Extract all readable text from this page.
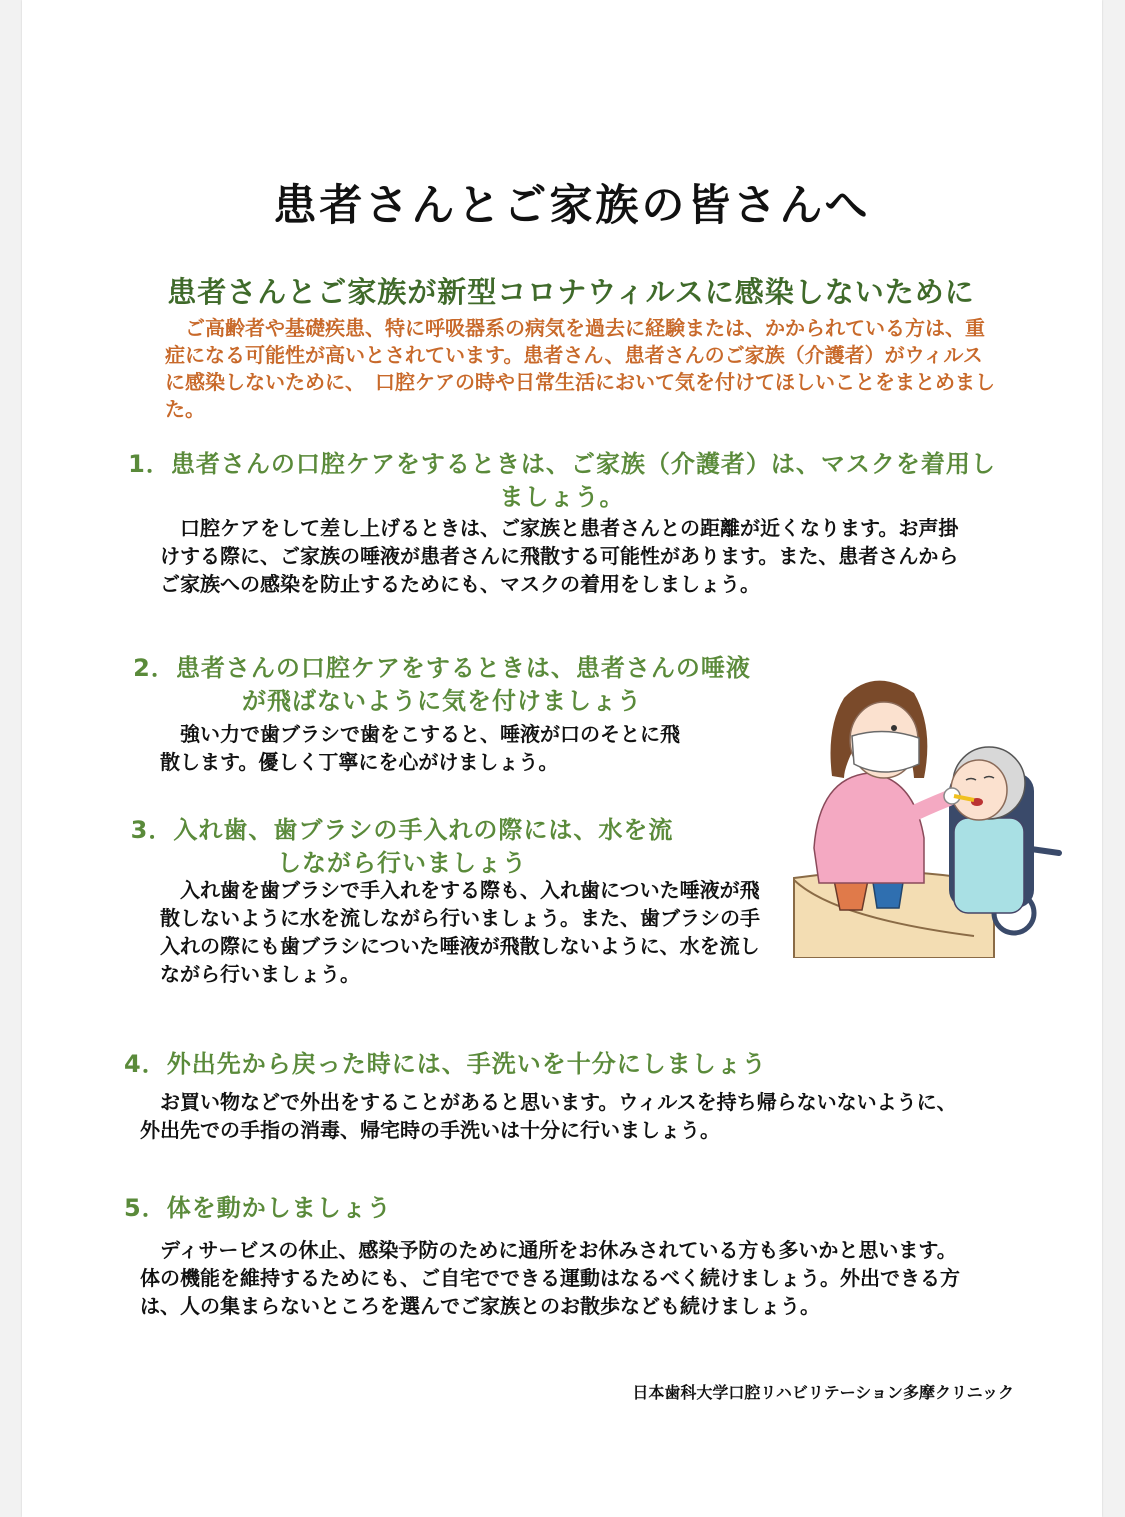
患者さんとご家族の皆さんへ
患者さんとご家族が新型コロナウィルスに感染しないために
ご高齢者や基礎疾患、特に呼吸器系の病気を過去に経験または、かかられている方は、重症になる可能性が高いとされています。患者さん、患者さんのご家族（介護者）がウィルスに感染しないために、　口腔ケアの時や日常生活において気を付けてほしいことをまとめました。
1．患者さんの口腔ケアをするときは、ご家族（介護者）は、マスクを着用しましょう。
口腔ケアをして差し上げるときは、ご家族と患者さんとの距離が近くなります。お声掛けする際に、ご家族の唾液が患者さんに飛散する可能性があります。また、患者さんからご家族への感染を防止するためにも、マスクの着用をしましょう。
2．患者さんの口腔ケアをするときは、患者さんの唾液が飛ばないように気を付けましょう
強い力で歯ブラシで歯をこすると、唾液が口のそとに飛散します。優しく丁寧にを心がけましょう。
3．入れ歯、歯ブラシの手入れの際には、水を流しながら行いましょう
入れ歯を歯ブラシで手入れをする際も、入れ歯についた唾液が飛散しないように水を流しながら行いましょう。また、歯ブラシの手入れの際にも歯ブラシについた唾液が飛散しないように、水を流しながら行いましょう。
4．外出先から戻った時には、手洗いを十分にしましょう
お買い物などで外出をすることがあると思います。ウィルスを持ち帰らないないように、外出先での手指の消毒、帰宅時の手洗いは十分に行いましょう。
5．体を動かしましょう
ディサービスの休止、感染予防のために通所をお休みされている方も多いかと思います。体の機能を維持するためにも、ご自宅でできる運動はなるべく続けましょう。外出できる方は、人の集まらないところを選んでご家族とのお散歩なども続けましょう。
日本歯科大学口腔リハビリテーション多摩クリニック
